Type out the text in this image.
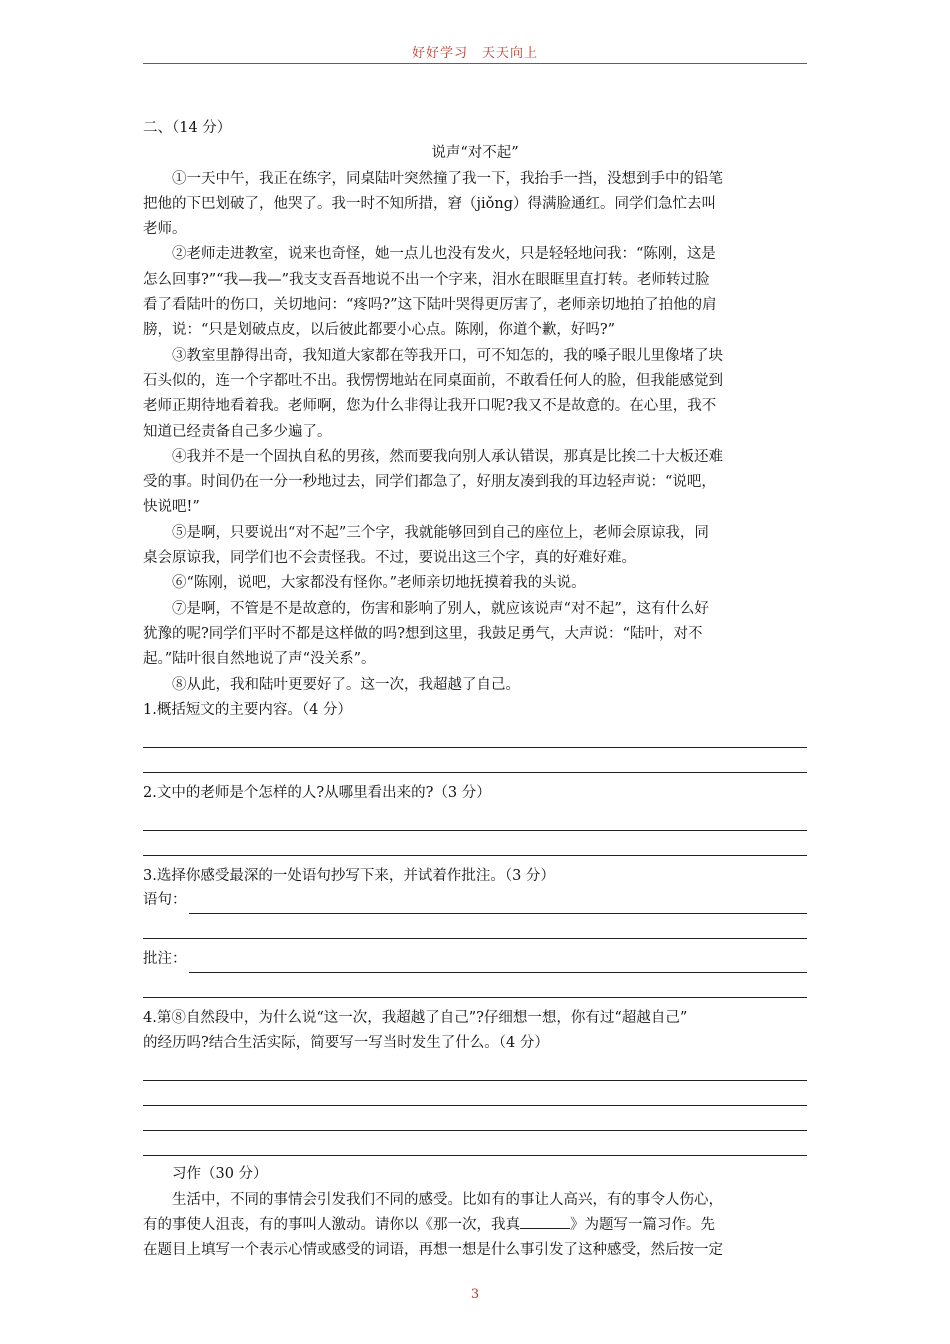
好好学习　天天向上
二、（14 分）
说声“对不起”
①一天中午，我正在练字，同桌陆叶突然撞了我一下，我抬手一挡，没想到手中的铅笔
把他的下巴划破了，他哭了。我一时不知所措，窘（jiǒng）得满脸通红。同学们急忙去叫
老师。
②老师走进教室，说来也奇怪，她一点儿也没有发火，只是轻轻地问我：“陈刚，这是
怎么回事?”“我—我—”我支支吾吾地说不出一个字来，泪水在眼眶里直打转。老师转过脸
看了看陆叶的伤口，关切地问：“疼吗?”这下陆叶哭得更厉害了，老师亲切地拍了拍他的肩
膀，说：“只是划破点皮，以后彼此都要小心点。陈刚，你道个歉，好吗?”
③教室里静得出奇，我知道大家都在等我开口，可不知怎的，我的嗓子眼儿里像堵了块
石头似的，连一个字都吐不出。我愣愣地站在同桌面前，不敢看任何人的脸，但我能感觉到
老师正期待地看着我。老师啊，您为什么非得让我开口呢?我又不是故意的。在心里，我不
知道已经责备自己多少遍了。
④我并不是一个固执自私的男孩，然而要我向别人承认错误，那真是比挨二十大板还难
受的事。时间仍在一分一秒地过去，同学们都急了，好朋友凑到我的耳边轻声说：“说吧，
快说吧!”
⑤是啊，只要说出“对不起”三个字，我就能够回到自己的座位上，老师会原谅我，同
桌会原谅我，同学们也不会责怪我。不过，要说出这三个字，真的好难好难。
⑥“陈刚，说吧，大家都没有怪你。”老师亲切地抚摸着我的头说。
⑦是啊，不管是不是故意的，伤害和影响了别人，就应该说声“对不起”，这有什么好
犹豫的呢?同学们平时不都是这样做的吗?想到这里，我鼓足勇气，大声说：“陆叶，对不
起。”陆叶很自然地说了声“没关系”。
⑧从此，我和陆叶更要好了。这一次，我超越了自己。
1.概括短文的主要内容。（4 分）
2.文中的老师是个怎样的人?从哪里看出来的?（3 分）
3.选择你感受最深的一处语句抄写下来，并试着作批注。（3 分）
语句：
批注：
4.第⑧自然段中，为什么说“这一次，我超越了自己”?仔细想一想，你有过“超越自己”
的经历吗?结合生活实际，简要写一写当时发生了什么。（4 分）
习作（30 分）
生活中，不同的事情会引发我们不同的感受。比如有的事让人高兴，有的事令人伤心，
有的事使人沮丧，有的事叫人激动。请你以《那一次，我真	》为题写一篇习作。先
在题目上填写一个表示心情或感受的词语，再想一想是什么事引发了这种感受，然后按一定
3
